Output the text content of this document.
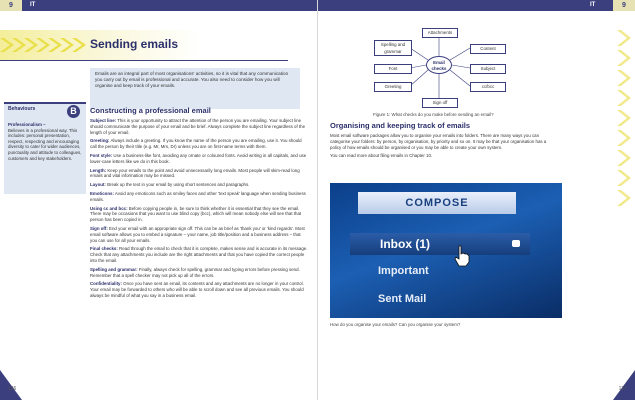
9	IT
Sending emails
Emails are an integral part of most organisations' activities, so it is vital that any communication you carry out by email is professional and accurate. You also need to consider how you will organise and keep track of your emails.
Behaviours	B
Professionalism –
Believes in a professional way. This includes: personal presentation, respect, respecting and encouraging diversity to cater for wider audiences, punctuality and attitude to colleagues, customers and key stakeholders.
Constructing a professional email
Subject line: This is your opportunity to attract the attention of the person you are emailing. Your subject line should communicate the purpose of your email and be brief. Always complete the subject line regardless of the length of your email.
Greeting: Always include a greeting. If you know the name of the person you are emailing, use it. You should call the person by their title (e.g. Mr, Mrs, Dr) unless you are on first-name terms with them.
Font style: Use a business-like font, avoiding any ornate or coloured fonts. Avoid writing in all capitals, and use lower-case letters like we do in this book.
Length: Keep your emails to the point and avoid unnecessarily long emails. Most people will skim-read long emails and vital information may be missed.
Layout: Break up the text in your email by using short sentences and paragraphs.
Emoticons: Avoid any emoticons such as smiley faces and other 'text speak' language when sending business emails.
Using cc and bcc: Before copying people in, be sure to think whether it is essential that they see the email. There may be occasions that you want to use blind copy (bcc), which will mean nobody else will see that that person has been copied in.
Sign off: End your email with an appropriate sign off. This can be as brief as 'thank you' or 'kind regards'. Most email software allows you to embed a signature – your name, job title/position and a business address – that you can use for all your emails.
Final checks: Read through the email to check that it is complete, makes sense and is accurate in its message. Check that any attachments you include are the right attachments and that you have copied the correct people into the email.
Spelling and grammar: Finally, always check for spelling, grammar and typing errors before pressing send. Remember that a spell checker may not pick up all of the errors.
Confidentiality: Once you have sent an email, its contents and any attachments are no longer in your control. Your email may be forwarded to others who will be able to scroll down and see all previous emails. You should always be mindful of what you say in a business email.
126
IT	9
Attachments
Spelling and grammar
Content
Font	Subject
Greeting	cc/bcc
Sign off
Email checks
Figure 1: What checks do you make before sending an email?
Organising and keeping track of emails
Most email software packages allow you to organise your emails into folders. There are many ways you can categorise your folders: by person, by organisation, by priority and so on. It may be that your organisation has a policy of how emails should be organised or you may be able to create your own system.
You can read more about filing emails in Chapter 10.
COMPOSE
Inbox (1)
Important
Sent Mail
How do you organise your emails? Can you organise your system?
127
